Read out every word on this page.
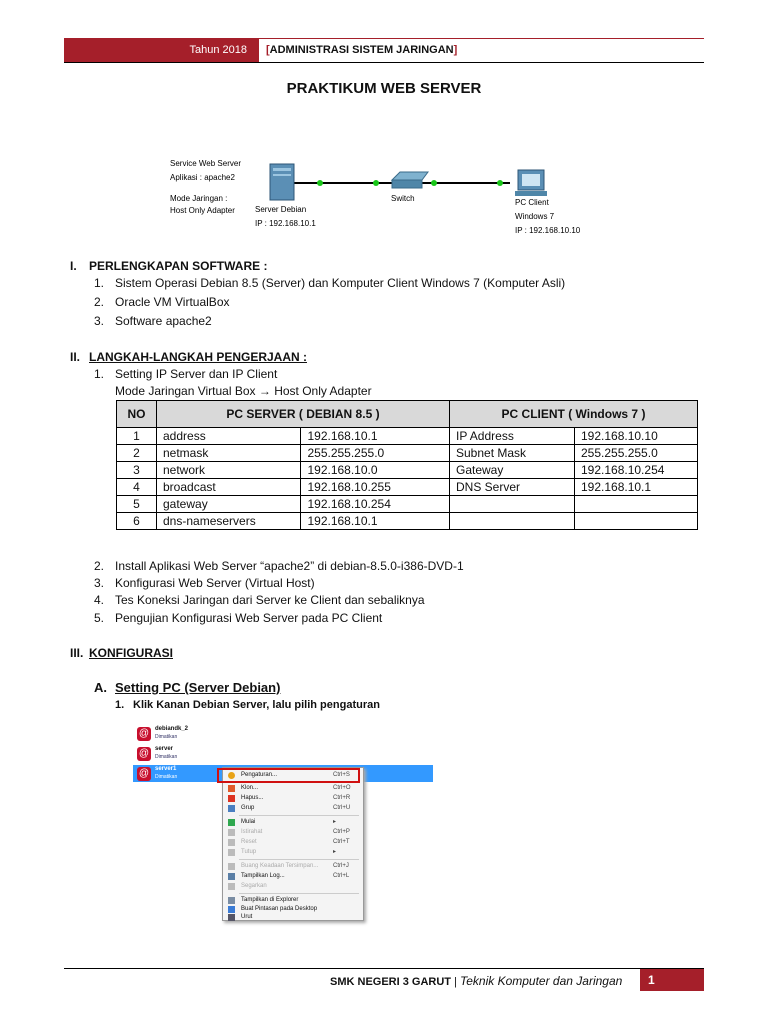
Tahun 2018	[ADMINISTRASI SISTEM JARINGAN]
PRAKTIKUM WEB SERVER
Service Web Server
Aplikasi : apache2
Mode Jaringan :
Host Only Adapter	Server Debian
IP : 192.168.10.1
Switch	PC Client
Windows 7
IP : 192.168.10.10
I. PERLENGKAPAN SOFTWARE :
1. Sistem Operasi Debian 8.5 (Server) dan Komputer Client Windows 7 (Komputer Asli)
2. Oracle VM VirtualBox
3. Software apache2
II. LANGKAH-LANGKAH PENGERJAAN :
1. Setting IP Server dan IP Client
Mode Jaringan Virtual Box → Host Only Adapter
NO	PC SERVER ( DEBIAN 8.5 )		PC CLIENT ( Windows 7 )	
1	address	192.168.10.1	IP Address	192.168.10.10
2	netmask	255.255.255.0	Subnet Mask	255.255.255.0
3	network	192.168.10.0	Gateway	192.168.10.254
4	broadcast	192.168.10.255	DNS Server	192.168.10.1
5	gateway	192.168.10.254		
6	dns-nameservers	192.168.10.1		
2. Install Aplikasi Web Server “apache2” di debian-8.5.0-i386-DVD-1
3. Konfigurasi Web Server (Virtual Host)
4. Tes Koneksi Jaringan dari Server ke Client dan sebaliknya
5. Pengujian Konfigurasi Web Server pada PC Client
III. KONFIGURASI
A. Setting PC (Server Debian)
1. Klik Kanan Debian Server, lalu pilih pengaturan
@ debiandk_2
Dimatikan
@ server
Dimatikan
@ server1
Dimatikan	Pengaturan...	Ctrl+S
Klon...	Ctrl+O
Hapus...	Ctrl+R
Grup	Ctrl+U
Mulai	▸
Istirahat	Ctrl+P
Reset	Ctrl+T
Tutup	▸
Buang Keadaan Tersimpan... Ctrl+J
Tampilkan Log...	Ctrl+L
Segarkan
Tampilkan di Explorer
Buat Pintasan pada Desktop
Urut
SMK NEGERI 3 GARUT | Teknik Komputer dan Jaringan 1
